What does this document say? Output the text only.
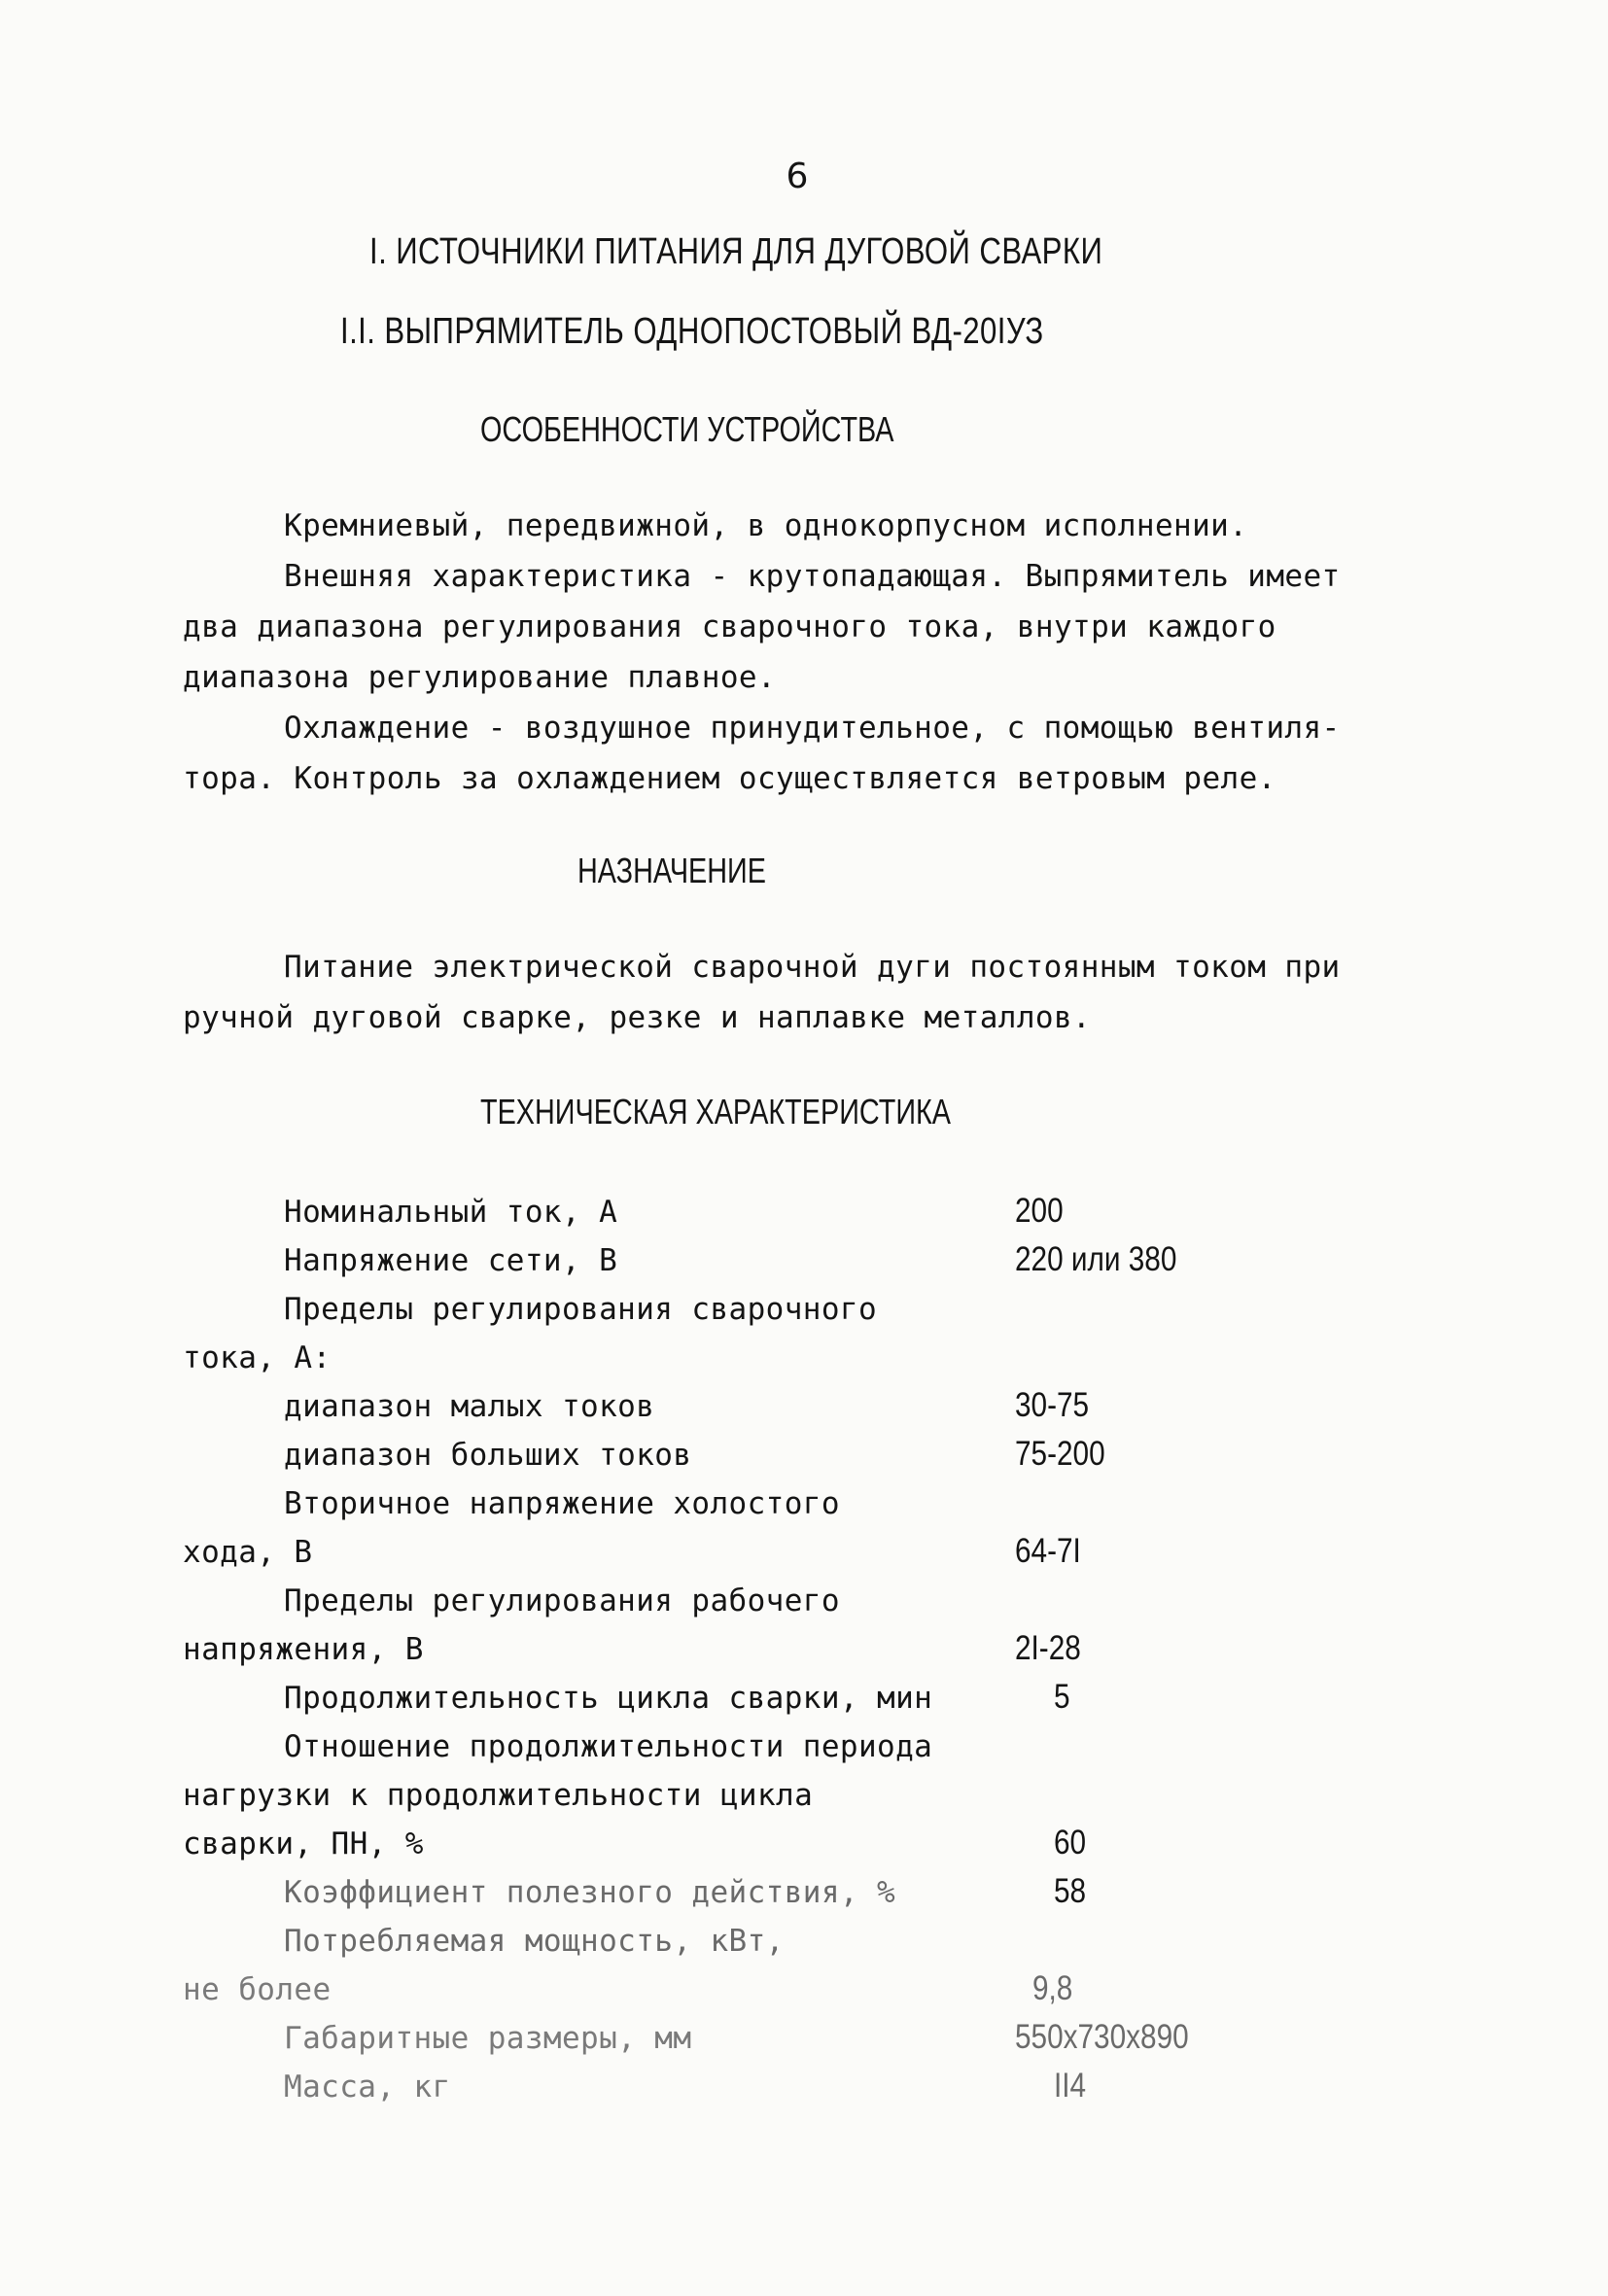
6
I. ИСТОЧНИКИ ПИТАНИЯ ДЛЯ ДУГОВОЙ СВАРКИ
I.I. ВЫПРЯМИТЕЛЬ ОДНОПОСТОВЫЙ ВД-20IУЗ
ОСОБЕННОСТИ УСТРОЙСТВА
Кремниевый, передвижной, в однокорпусном исполнении.
Внешняя характеристика - крутопадающая. Выпрямитель имеет
два диапазона регулирования сварочного тока, внутри каждого
диапазона регулирование плавное.
Охлаждение - воздушное принудительное, с помощью вентиля-
тора. Контроль за охлаждением осуществляется ветровым реле.
НАЗНАЧЕНИЕ
Питание электрической сварочной дуги постоянным током при
ручной дуговой сварке, резке и наплавке металлов.
ТЕХНИЧЕСКАЯ ХАРАКТЕРИСТИКА
Номинальный ток, А	200
Напряжение сети, В	220 или 380
Пределы регулирования сварочного
тока, А:
диапазон малых токов	30-75
диапазон больших токов	75-200
Вторичное напряжение холостого
хода, В	64-7I
Пределы регулирования рабочего
напряжения, В	2I-28
Продолжительность цикла сварки, мин	5
Отношение продолжительности периода
нагрузки к продолжительности цикла
сварки, ПН, %	60
Коэффициент полезного действия, %	58
Потребляемая мощность, кВт,
не более	9,8
Габаритные размеры, мм	550x730x890
Масса, кг	II4
